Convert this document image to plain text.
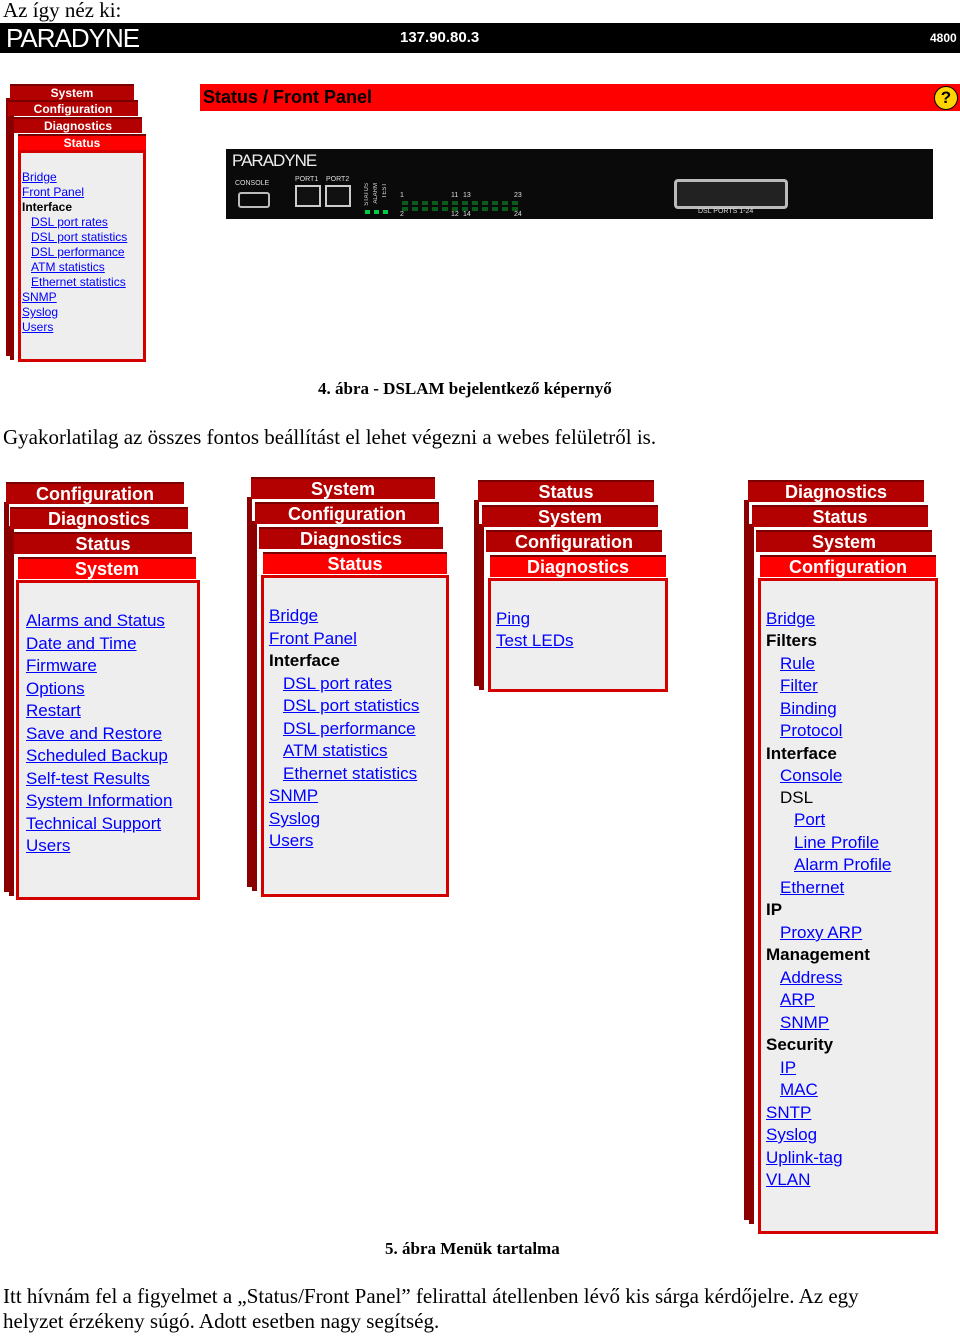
Az így néz ki:
PARADYNE	137.90.80.3	4800
System
Configuration
Diagnostics
Status
Bridge
Front Panel
Interface
DSL port rates
DSL port statistics
DSL performance
ATM statistics
Ethernet statistics
SNMP
Syslog
Users
Status / Front Panel	?
PARADYNE
CONSOLE
PORT1 PORT2
STATUS ALARM TEST 1	11 13	23
2	12 14	24	DSL PORTS 1-24
4. ábra - DSLAM bejelentkező képernyő
Gyakorlatilag az összes fontos beállítást el lehet végezni a webes felületről is.
Configuration
Diagnostics
Status
System
Alarms and Status
Date and Time
Firmware
Options
Restart
Save and Restore
Scheduled Backup
Self-test Results
System Information
Technical Support
Users
System
Configuration
Diagnostics
Status
Bridge
Front Panel
Interface
DSL port rates
DSL port statistics
DSL performance
ATM statistics
Ethernet statistics
SNMP
Syslog
Users
Status
System
Configuration
Diagnostics
Ping
Test LEDs
Diagnostics
Status
System
Configuration
Bridge
Filters
Rule
Filter
Binding
Protocol
Interface
Console
DSL
Port
Line Profile
Alarm Profile
Ethernet
IP
Proxy ARP
Management
Address
ARP
SNMP
Security
IP
MAC
SNTP
Syslog
Uplink-tag
VLAN
5. ábra Menük tartalma
Itt hívnám fel a figyelmet a „Status/Front Panel” felirattal átellenben lévő kis sárga kérdőjelre. Az egy
helyzet érzékeny súgó. Adott esetben nagy segítség.
